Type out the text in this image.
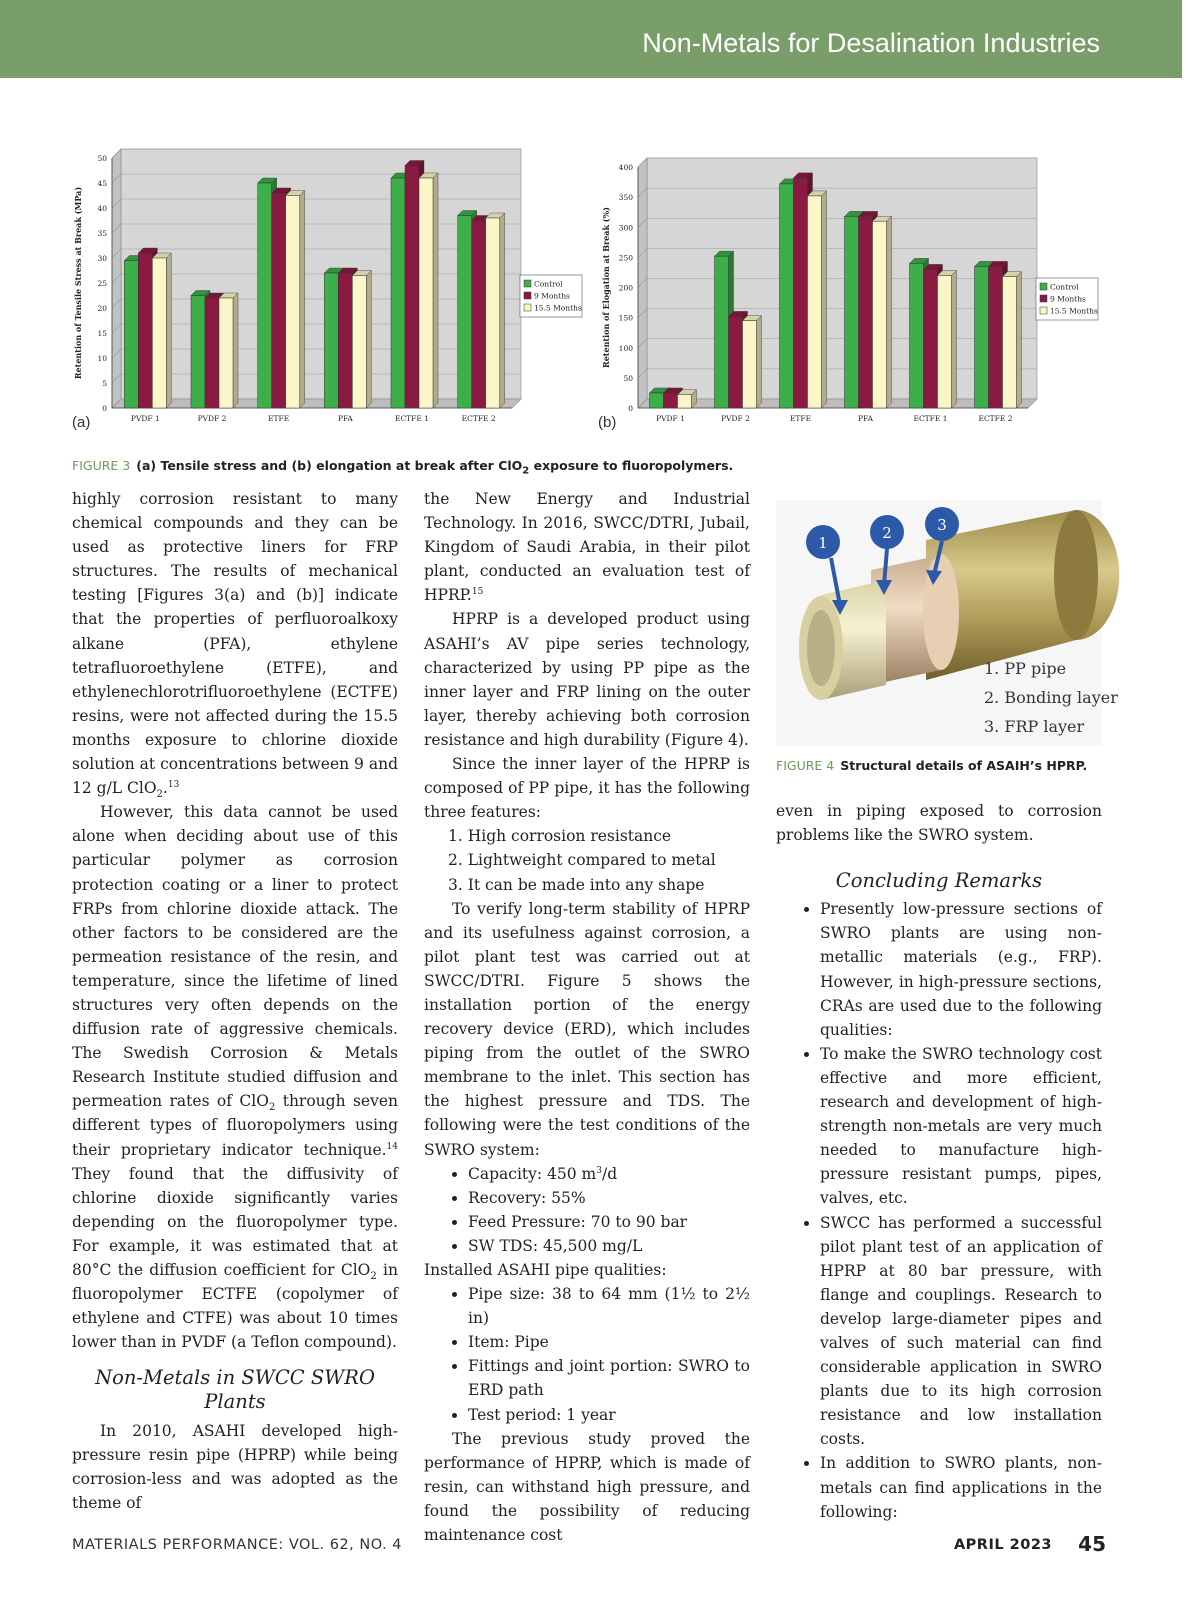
Non-Metals for Desalination Industries
0
5
10
15
20
25
30
35
40
45
50
Retention of Tensile Stress at Break (MPa)
PVDF 1	PVDF 2	ETFE	PFA	ECTFE 1	ECTFE 2
Control
9 Months
15.5 Months
0
50
100
150
200
250
300
350
400
Retention of Elogation at Break (%)
PVDF 1	PVDF 2	ETFE	PFA	ECTFE 1	ECTFE 2
Control
9 Months
15.5 Months
(a)	(b)
FIGURE 3 (a) Tensile stress and (b) elongation at break after ClO$_2$ exposure to fluoropolymers.

highly corrosion resistant to many chemical compounds and they can be used as protective liners for FRP structures. The results of mechanical testing [Figures 3(a) and (b)] indicate that the properties of perfluoroalkoxy alkane (PFA), ethylene tetrafluoroethylene (ETFE), and ethylenechlorotrifluoroethylene (ECTFE) resins, were not affected during the 15.5 months exposure to chlorine dioxide solution at concentrations between 9 and 12 g/L ClO$_2$.$^{13}$

However, this data cannot be used alone when deciding about use of this particular polymer as corrosion protection coating or a liner to protect FRPs from chlorine dioxide attack. The other factors to be considered are the permeation resistance of the resin, and temperature, since the lifetime of lined structures very often depends on the diffusion rate of aggressive chemicals. The Swedish Corrosion & Metals Research Institute studied diffusion and permeation rates of ClO$_2$ through seven different types of fluoropolymers using their proprietary indicator technique.$^{14}$ They found that the diffusivity of chlorine dioxide significantly varies depending on the fluoropolymer type. For example, it was estimated that at 80°C the diffusion coefficient for ClO$_2$ in fluoropolymer ECTFE (copolymer of ethylene and CTFE) was about 10 times lower than in PVDF (a Teflon compound).

Non-Metals in SWCC SWRO Plants

In 2010, ASAHI developed high-pressure resin pipe (HPRP) while being corrosion-less and was adopted as the theme of

the New Energy and Industrial Technology. In 2016, SWCC/DTRI, Jubail, Kingdom of Saudi Arabia, in their pilot plant, conducted an evaluation test of HPRP.$^{15}$

HPRP is a developed product using ASAHI’s AV pipe series technology, characterized by using PP pipe as the inner layer and FRP lining on the outer layer, thereby achieving both corrosion resistance and high durability (Figure 4).

Since the inner layer of the HPRP is composed of PP pipe, it has the following three features:

1. High corrosion resistance
2. Lightweight compared to metal
3. It can be made into any shape

To verify long-term stability of HPRP and its usefulness against corrosion, a pilot plant test was carried out at SWCC/DTRI. Figure 5 shows the installation portion of the energy recovery device (ERD), which includes piping from the outlet of the SWRO membrane to the inlet. This section has the highest pressure and TDS. The following were the test conditions of the SWRO system:

• Capacity: 450 $m^3/d$
• Recovery: 55%
• Feed Pressure: 70 to 90 bar
• SW TDS: 45,500 mg/L

Installed ASAHI pipe qualities:

• Pipe size: 38 to 64 mm (1½ to 2½ in)
• Item: Pipe
• Fittings and joint portion: SWRO to ERD path
• Test period: 1 year

The previous study proved the performance of HPRP, which is made of resin, can withstand high pressure, and found the possibility of reducing maintenance cost

1
2	3
1. PP pipe
2. Bonding layer
3. FRP layer
FIGURE 4 Structural details of ASAIH’s HPRP.

even in piping exposed to corrosion problems like the SWRO system.

Concluding Remarks
• Presently low-pressure sections of SWRO plants are using non-metallic materials (e.g., FRP). However, in high-pressure sections, CRAs are used due to the following qualities:
• To make the SWRO technology cost effective and more efficient, research and development of high-strength non-metals are very much needed to manufacture high-pressure resistant pumps, pipes, valves, etc.
• SWCC has performed a successful pilot plant test of an application of HPRP at 80 bar pressure, with flange and couplings. Research to develop large-diameter pipes and valves of such material can find considerable application in SWRO plants due to its high corrosion resistance and low installation costs.
• In addition to SWRO plants, non-metals can find applications in the following:
MATERIALS PERFORMANCE: VOL. 62, NO. 4	APRIL 2023 45
